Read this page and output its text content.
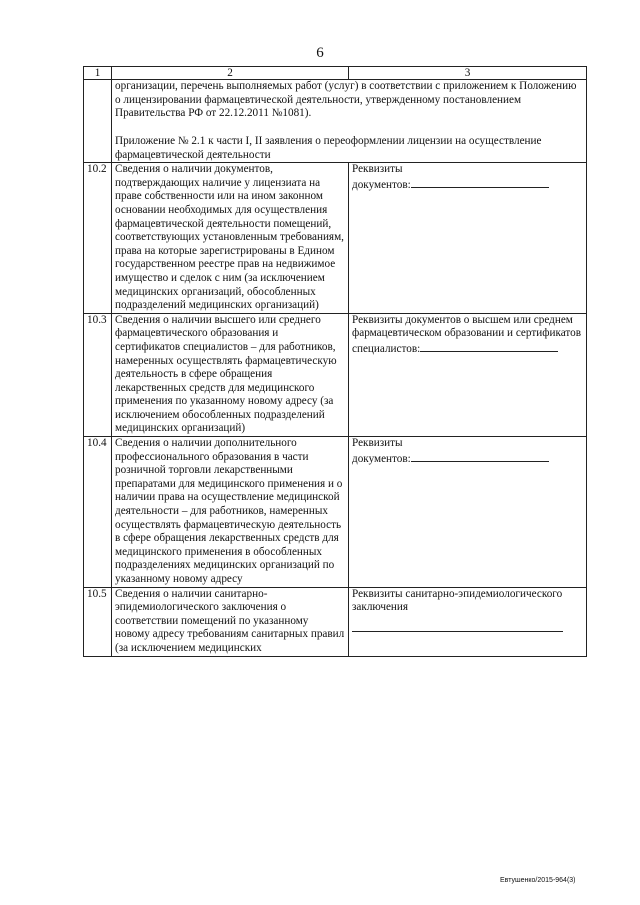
6
1	2	3

	организации, перечень выполняемых работ (услуг) в соответствии с приложением к Положению о лицензировании фармацевтической деятельности, утвержденному постановлением Правительства РФ от 22.12.2011 №1081).

Приложение № 2.1 к части I, II заявления о переоформлении лицензии на осуществление фармацевтической деятельности	

10.2	Сведения о наличии документов, подтверждающих наличие у лицензиата на праве собственности или на ином законном основании необходимых для осуществления фармацевтической деятельности помещений, соответствующих установленным требованиям, права на которые зарегистрированы в Едином государственном реестре прав на недвижимое имущество и сделок с ним (за исключением медицинских организаций, обособленных подразделений медицинских организаций)	Реквизиты
документов:

10.3	Сведения о наличии высшего или среднего фармацевтического образования и сертификатов специалистов – для работников, намеренных осуществлять фармацевтическую деятельность в сфере обращения лекарственных средств для медицинского применения по указанному новому адресу (за исключением обособленных подразделений медицинских организаций)	Реквизиты документов о высшем или среднем фармацевтическом образовании и сертификатов
специалистов:

10.4	Сведения о наличии дополнительного профессионального образования в части розничной торговли лекарственными препаратами для медицинского применения и о наличии права на осуществление медицинской деятельности – для работников, намеренных осуществлять фармацевтическую деятельность в сфере обращения лекарственных средств для медицинского применения в обособленных подразделениях медицинских организаций по указанному новому адресу	Реквизиты
документов:

10.5	Сведения о наличии санитарно-эпидемиологического заключения о соответствии помещений по указанному новому адресу требованиям санитарных правил (за исключением медицинских	Реквизиты санитарно-эпидемиологического заключения
Евтушенко/2015-964(3)
